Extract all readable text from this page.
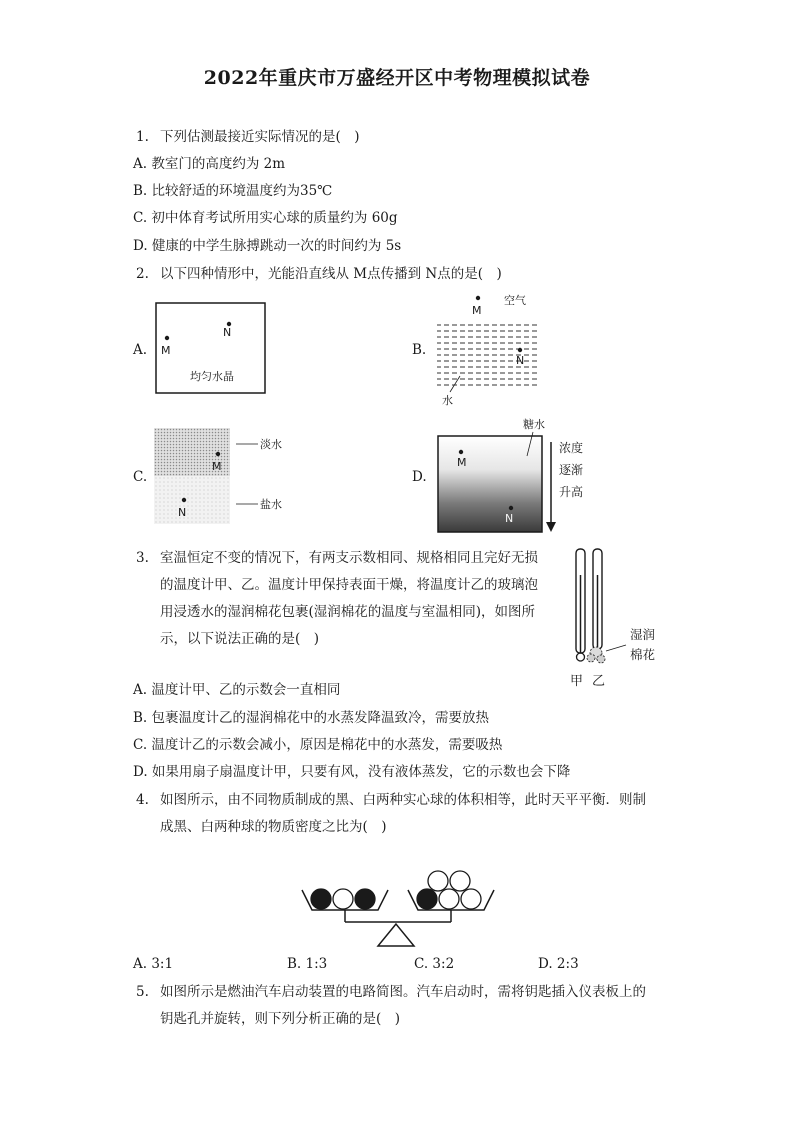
2022年重庆市万盛经开区中考物理模拟试卷
1. 下列估测最接近实际情况的是(　)
A. 教室门的高度约为 2m
B. 比较舒适的环境温度约为35℃
C. 初中体育考试所用实心球的质量约为 60g
D. 健康的中学生脉搏跳动一次的时间约为 5s
2. 以下四种情形中，光能沿直线从 M点传播到 N点的是(　)
A. M
N
均匀水晶
B.
M
空气
N
水
C.
M
N
淡水
盐水
D.
M
N
糖水
浓度
逐渐
升高
3. 室温恒定不变的情况下，有两支示数相同、规格相同且完好无损
的温度计甲、乙。温度计甲保持表面干燥，将温度计乙的玻璃泡
用浸透水的湿润棉花包裹(湿润棉花的温度与室温相同)，如图所
示，以下说法正确的是(　)	湿润
棉花
甲 乙
A. 温度计甲、乙的示数会一直相同
B. 包裹温度计乙的湿润棉花中的水蒸发降温致冷，需要放热
C. 温度计乙的示数会减小，原因是棉花中的水蒸发，需要吸热
D. 如果用扇子扇温度计甲，只要有风，没有液体蒸发，它的示数也会下降
4. 如图所示，由不同物质制成的黑、白两种实心球的体积相等，此时天平平衡．则制
成黑、白两种球的物质密度之比为(　)
A. 3:1	B. 1:3	C. 3:2	D. 2:3
5. 如图所示是燃油汽车启动装置的电路简图。汽车启动时，需将钥匙插入仪表板上的
钥匙孔并旋转，则下列分析正确的是(　)
